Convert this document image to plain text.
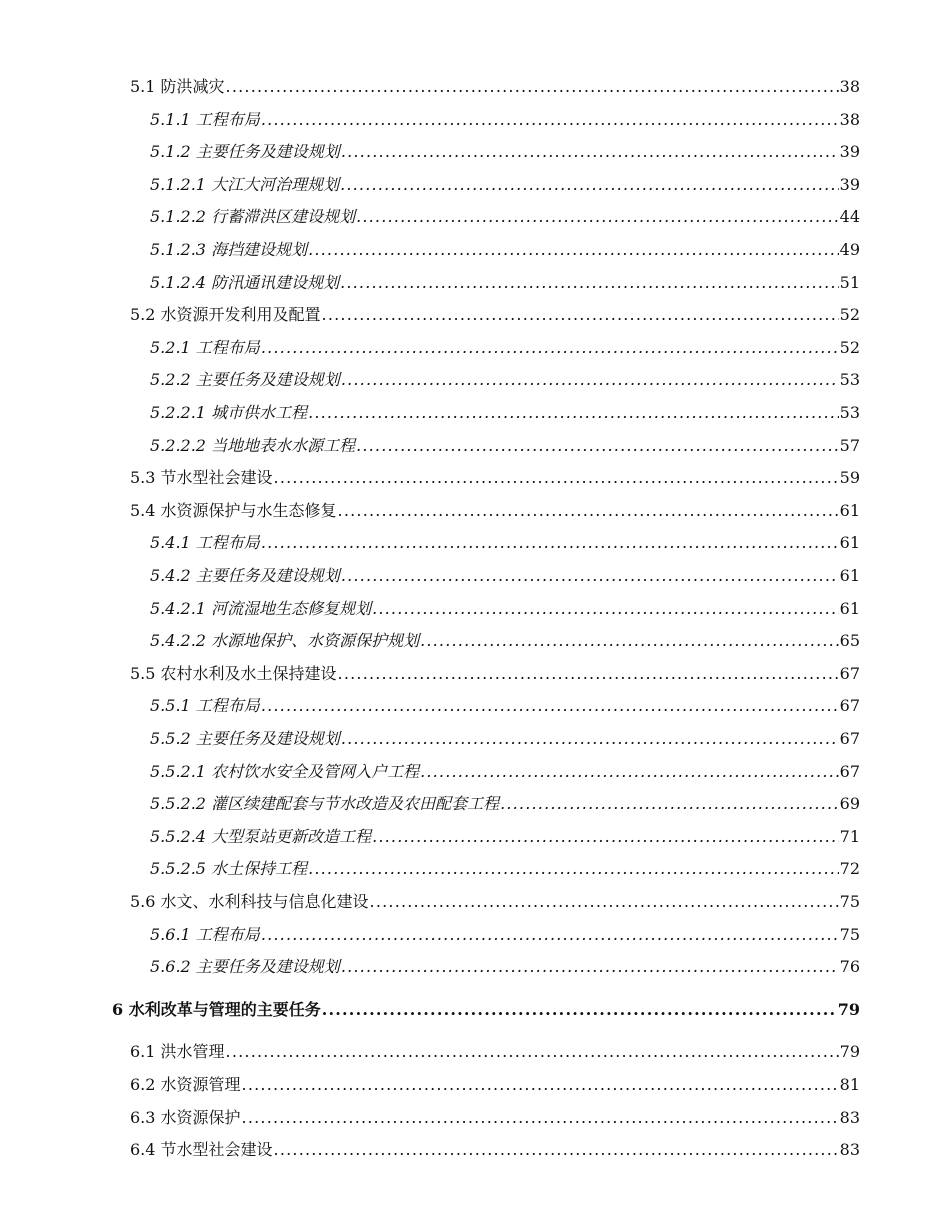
5.1 防洪减灾 .....	38
5.1.1 工程布局 .....	38
5.1.2 主要任务及建设规划 .....	39
5.1.2.1 大江大河治理规划 .....	39
5.1.2.2 行蓄滞洪区建设规划 .....	44
5.1.2.3 海挡建设规划 .....	49
5.1.2.4 防汛通讯建设规划 .....	51
5.2 水资源开发利用及配置 .....	52
5.2.1 工程布局 .....	52
5.2.2 主要任务及建设规划 .....	53
5.2.2.1 城市供水工程 .....	53
5.2.2.2 当地地表水水源工程 .....	57
5.3 节水型社会建设 .....	59
5.4 水资源保护与水生态修复 .....	61
5.4.1 工程布局 .....	61
5.4.2 主要任务及建设规划 .....	61
5.4.2.1 河流湿地生态修复规划 .....	61
5.4.2.2 水源地保护、水资源保护规划 .....	65
5.5 农村水利及水土保持建设 .....	67
5.5.1 工程布局 .....	67
5.5.2 主要任务及建设规划 .....	67
5.5.2.1 农村饮水安全及管网入户工程 .....	67
5.5.2.2 灌区续建配套与节水改造及农田配套工程 .....	69
5.5.2.4 大型泵站更新改造工程 .....	71
5.5.2.5 水土保持工程 .....	72
5.6 水文、水利科技与信息化建设 .....	75
5.6.1 工程布局 .....	75
5.6.2 主要任务及建设规划 .....	76
6 水利改革与管理的主要任务 .....	79
6.1 洪水管理 .....	79
6.2 水资源管理 .....	81
6.3 水资源保护 .....	83
6.4 节水型社会建设 .....	83
